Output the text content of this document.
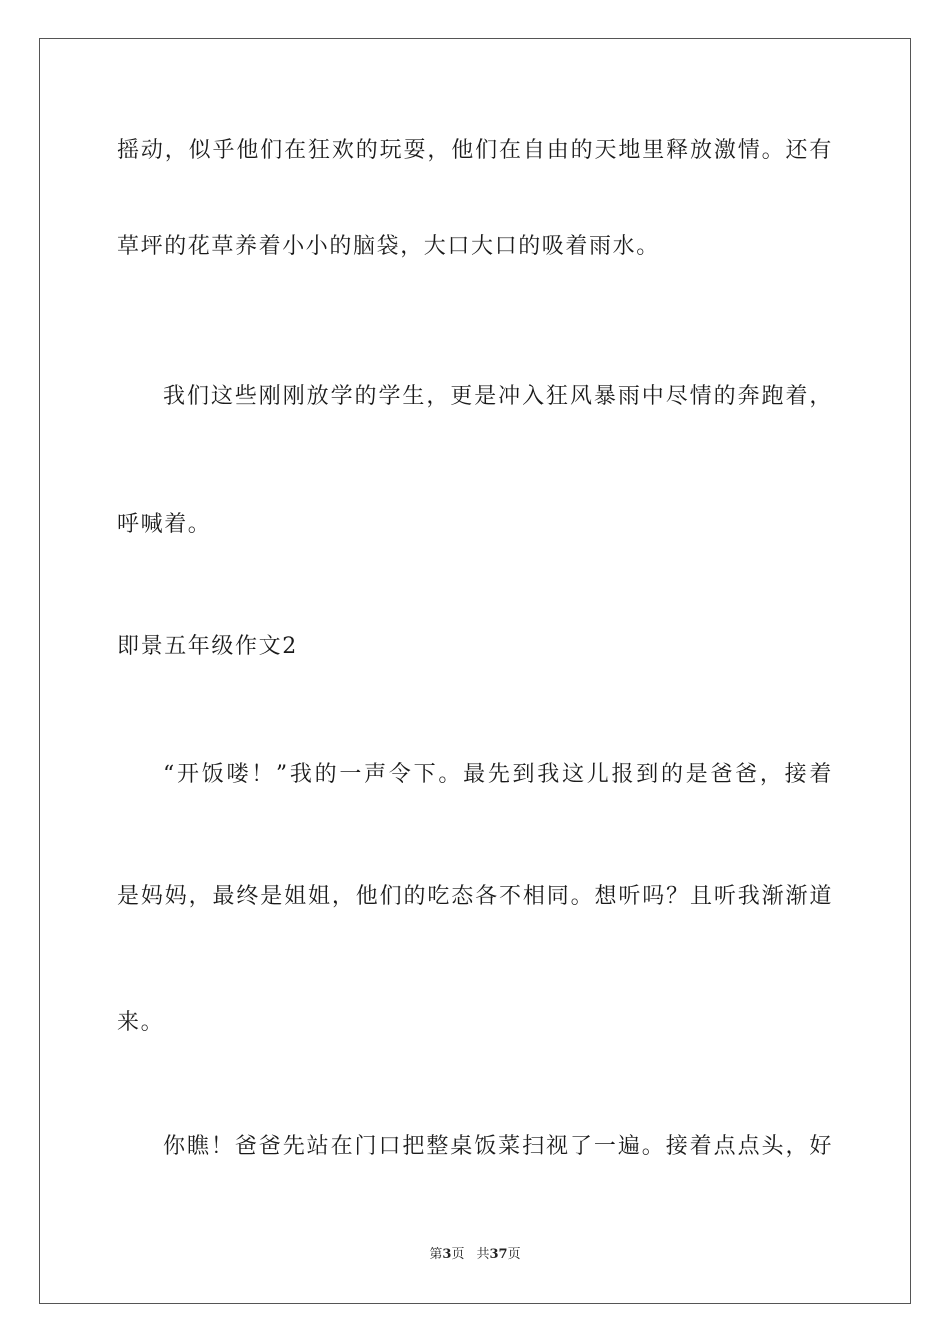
摇动，似乎他们在狂欢的玩耍，他们在自由的天地里释放激情。还有
草坪的花草养着小小的脑袋，大口大口的吸着雨水。
我们这些刚刚放学的学生，更是冲入狂风暴雨中尽情的奔跑着，
呼喊着。
即景五年级作文2
“开饭喽！”我的一声令下。最先到我这儿报到的是爸爸，接着
是妈妈，最终是姐姐，他们的吃态各不相同。想听吗？且听我渐渐道
来。
你瞧！爸爸先站在门口把整桌饭菜扫视了一遍。接着点点头，好
第3页 共37页
